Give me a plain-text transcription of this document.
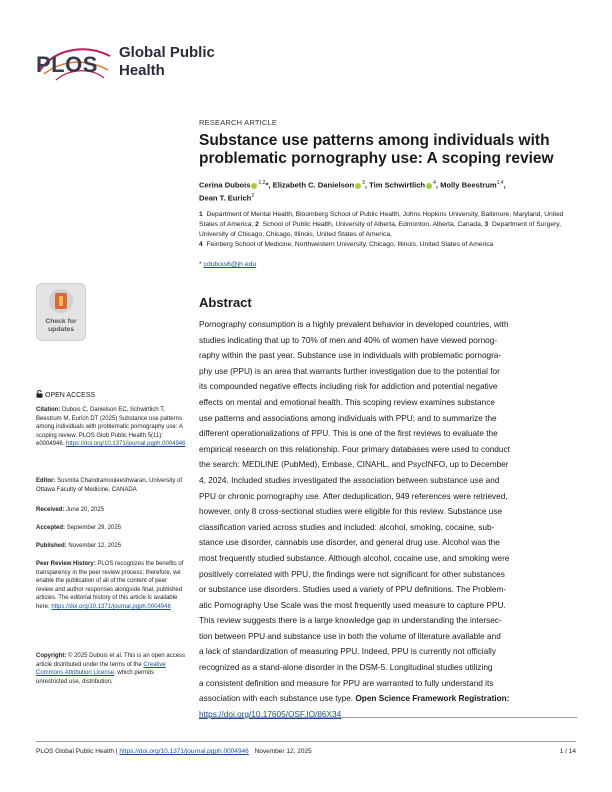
PLOS Global Public
Health
RESEARCH ARTICLE
Substance use patterns among individuals with problematic pornography use: A scoping review
Cerina Dubois $^{1,2}$*, Elizabeth C. Danielson $^3$, Tim Schwirtlich $^4$, Molly Beestrum$^{1,4}$,
Dean T. Eurich$^2$
1 Department of Mental Health, Bloomberg School of Public Health, Johns Hopkins University, Baltimore, Maryland, United States of America, 2 School of Public Health, University of Alberta, Edmonton, Alberta, Canada, 3 Department of Surgery, University of Chicago, Chicago, Illinois, United States of America,
4 Feinberg School of Medicine, Northwestern University, Chicago, Illinois, United States of America
* cdubois6@jh.edu
Check for
updates
OPEN ACCESS
Citation: Dubois C, Danielson EC, Schwirtlich T, Beestrum M, Eurich DT (2025) Substance use patterns among individuals with problematic pornography use: A scoping review. PLOS Glob Public Health 5(11): e0004946. https://doi.org/10.1371/journal.pgph.0004946
Editor: Susmita Chandramouleeshwaran, University of Ottawa Faculty of Medicine, CANADA
Received: June 20, 2025
Accepted: September 29, 2025
Published: November 12, 2025
Peer Review History: PLOS recognizes the benefits of transparency in the peer review process; therefore, we enable the publication of all of the content of peer review and author responses alongside final, published articles. The editorial history of this article is available here: https://doi.org/10.1371/journal.pgph.0004946
Copyright: © 2025 Dubois et al. This is an open access article distributed under the terms of the Creative Commons Attribution License, which permits unrestricted use, distribution,
Abstract
Pornography consumption is a highly prevalent behavior in developed countries, with
studies indicating that up to 70% of men and 40% of women have viewed pornog-
raphy within the past year. Substance use in individuals with problematic pornogra-
phy use (PPU) is an area that warrants further investigation due to the potential for
its compounded negative effects including risk for addiction and potential negative
effects on mental and emotional health. This scoping review examines substance
use patterns and associations among individuals with PPU; and to summarize the
different operationalizations of PPU. This is one of the first reviews to evaluate the
empirical research on this relationship. Four primary databases were used to conduct
the search: MEDLINE (PubMed), Embase, CINAHL, and PsycINFO, up to December
4, 2024. Included studies investigated the association between substance use and
PPU or chronic pornography use. After deduplication, 949 references were retrieved,
however, only 8 cross-sectional studies were eligible for this review. Substance use
classification varied across studies and included: alcohol, smoking, cocaine, sub-
stance use disorder, cannabis use disorder, and general drug use. Alcohol was the
most frequently studied substance. Although alcohol, cocaine use, and smoking were
positively correlated with PPU, the findings were not significant for other substances
or substance use disorders. Studies used a variety of PPU definitions. The Problem-
atic Pornography Use Scale was the most frequently used measure to capture PPU.
This review suggests there is a large knowledge gap in understanding the intersec-
tion between PPU and substance use in both the volume of literature available and
a lack of standardization of measuring PPU. Indeed, PPU is currently not officially
recognized as a stand-alone disorder in the DSM-5. Longitudinal studies utilizing
a consistent definition and measure for PPU are warranted to fully understand its
association with each substance use type. Open Science Framework Registration:
https://doi.org/10.17605/OSF.IO/86X34
PLOS Global Public Health | https://doi.org/10.1371/journal.pgph.0004946 November 12, 2025	1 / 14
